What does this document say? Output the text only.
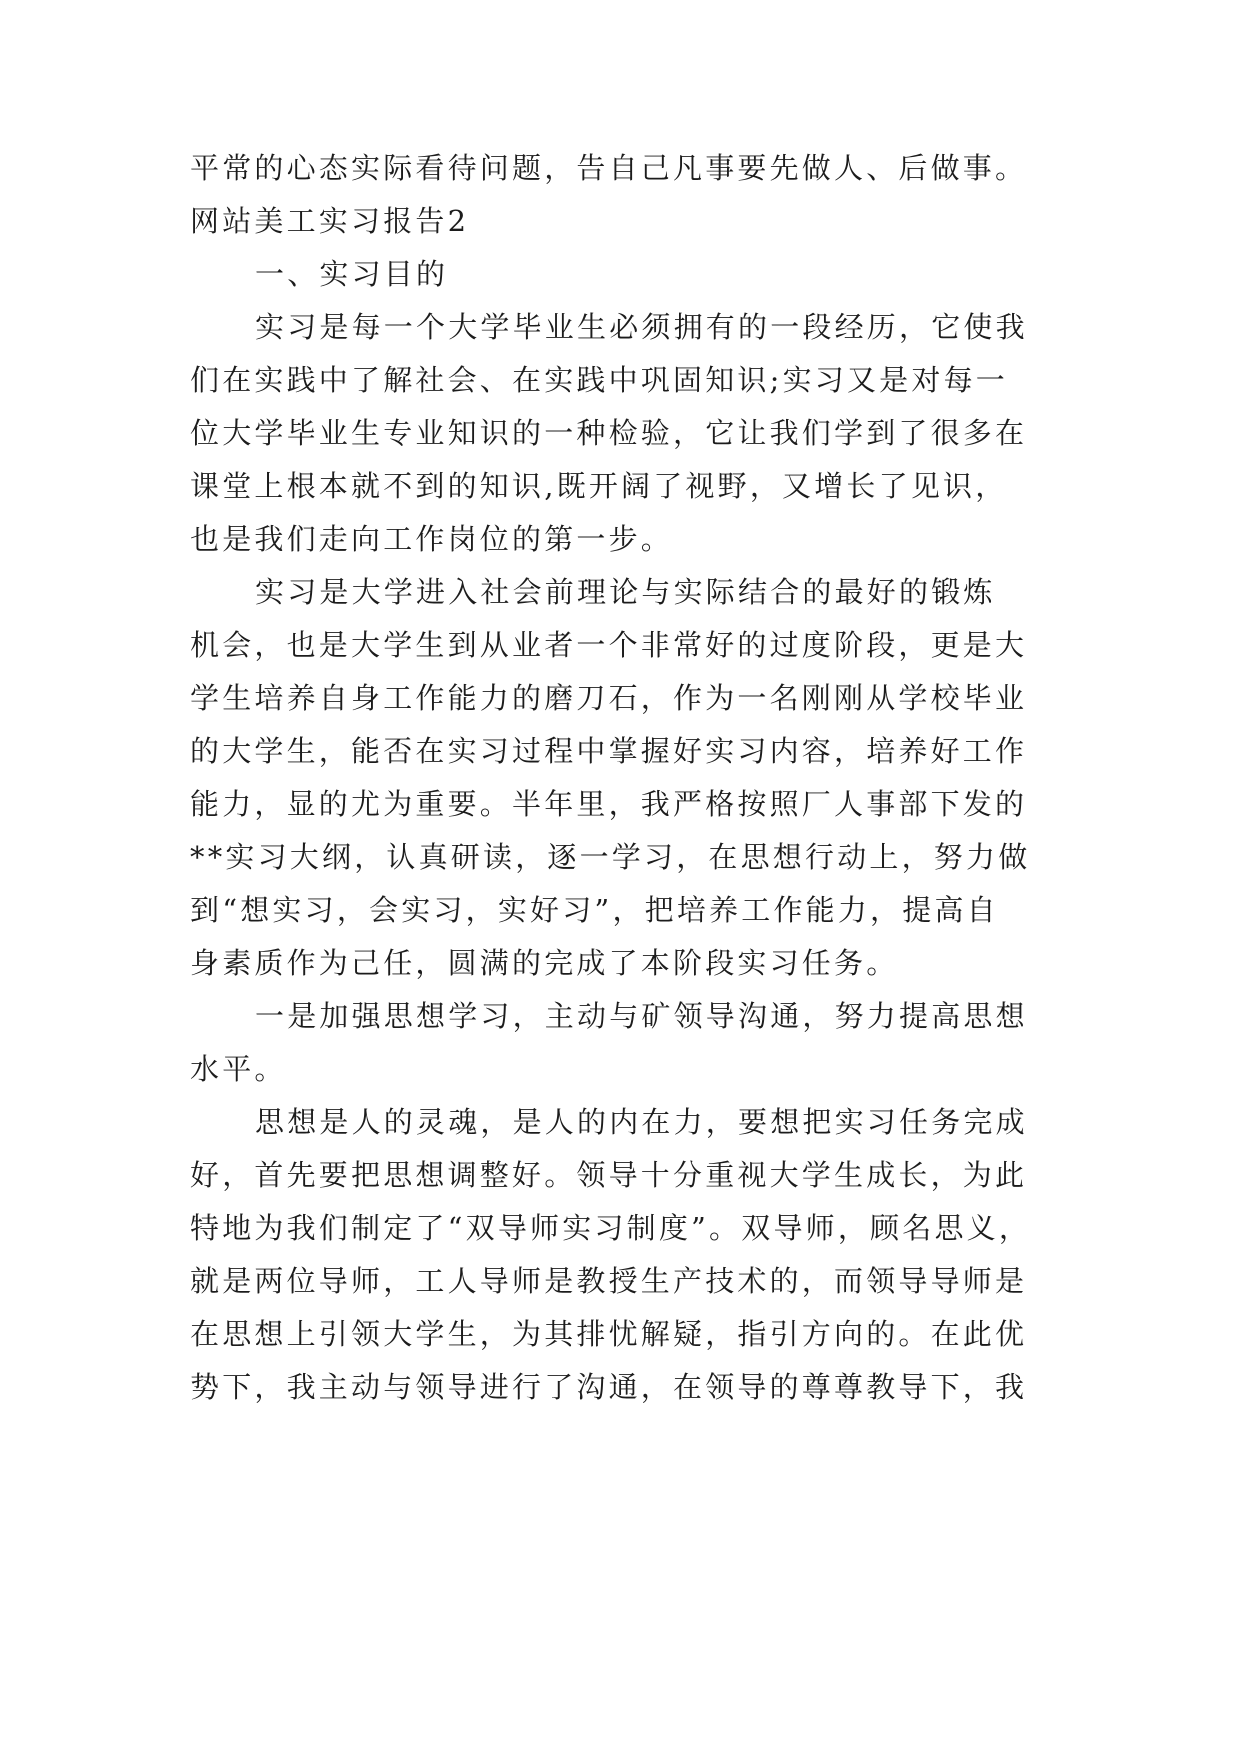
平常的心态实际看待问题，告自己凡事要先做人、后做事。
网站美工实习报告2
一、实习目的
实习是每一个大学毕业生必须拥有的一段经历，它使我
们在实践中了解社会、在实践中巩固知识;实习又是对每一
位大学毕业生专业知识的一种检验，它让我们学到了很多在
课堂上根本就不到的知识,既开阔了视野，又增长了见识，
也是我们走向工作岗位的第一步。
实习是大学进入社会前理论与实际结合的最好的锻炼
机会，也是大学生到从业者一个非常好的过度阶段，更是大
学生培养自身工作能力的磨刀石，作为一名刚刚从学校毕业
的大学生，能否在实习过程中掌握好实习内容，培养好工作
能力，显的尤为重要。半年里，我严格按照厂人事部下发的
**实习大纲，认真研读，逐一学习，在思想行动上，努力做
到“想实习，会实习，实好习”，把培养工作能力，提高自
身素质作为己任，圆满的完成了本阶段实习任务。
一是加强思想学习，主动与矿领导沟通，努力提高思想
水平。
思想是人的灵魂，是人的内在力，要想把实习任务完成
好，首先要把思想调整好。领导十分重视大学生成长，为此
特地为我们制定了“双导师实习制度”。双导师，顾名思义，
就是两位导师，工人导师是教授生产技术的，而领导导师是
在思想上引领大学生，为其排忧解疑，指引方向的。在此优
势下，我主动与领导进行了沟通，在领导的尊尊教导下，我
